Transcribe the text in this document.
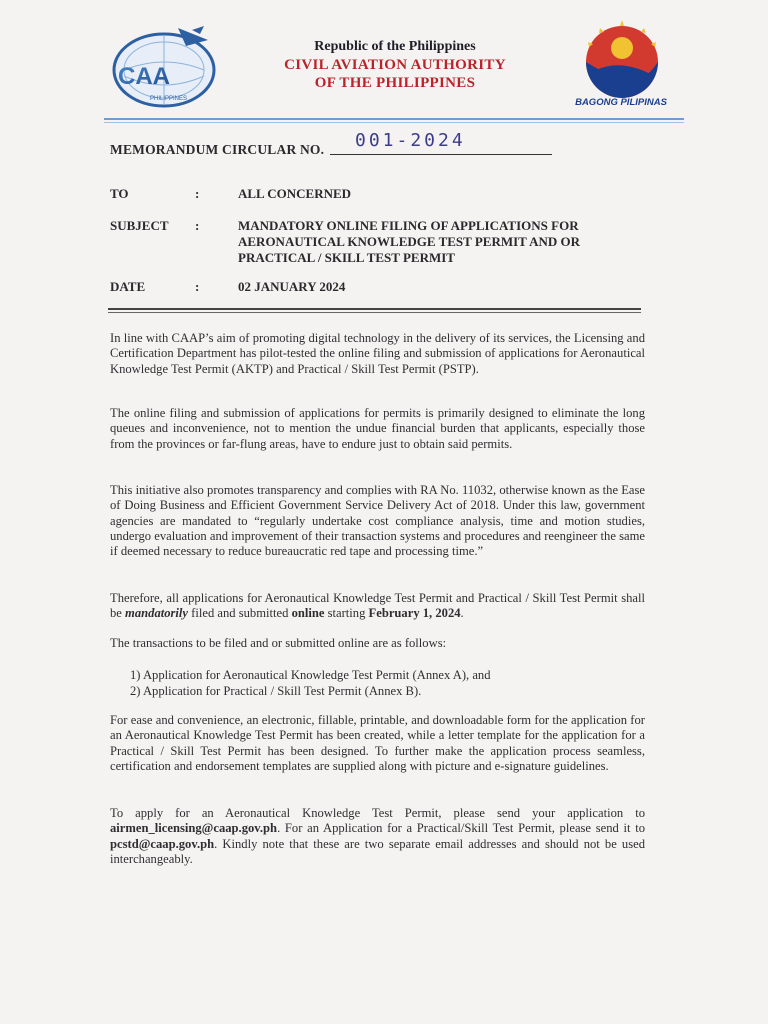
CAA
PHILIPPINES
Republic of the Philippines
CIVIL AVIATION AUTHORITY
OF THE PHILIPPINES
BAGONG PILIPINAS
MEMORANDUM CIRCULAR NO. 001-2024
TO	:	ALL CONCERNED
SUBJECT :	MANDATORY ONLINE FILING OF APPLICATIONS FOR AERONAUTICAL KNOWLEDGE TEST PERMIT AND OR PRACTICAL / SKILL TEST PERMIT
DATE	:	02 JANUARY 2024
In line with CAAP’s aim of promoting digital technology in the delivery of its services, the Licensing and Certification Department has pilot-tested the online filing and submission of applications for Aeronautical Knowledge Test Permit (AKTP) and Practical / Skill Test Permit (PSTP).
The online filing and submission of applications for permits is primarily designed to eliminate the long queues and inconvenience, not to mention the undue financial burden that applicants, especially those from the provinces or far-flung areas, have to endure just to obtain said permits.
This initiative also promotes transparency and complies with RA No. 11032, otherwise known as the Ease of Doing Business and Efficient Government Service Delivery Act of 2018. Under this law, government agencies are mandated to “regularly undertake cost compliance analysis, time and motion studies, undergo evaluation and improvement of their transaction systems and procedures and reengineer the same if deemed necessary to reduce bureaucratic red tape and processing time.”
Therefore, all applications for Aeronautical Knowledge Test Permit and Practical / Skill Test Permit shall be mandatorily filed and submitted online starting February 1, 2024.
The transactions to be filed and or submitted online are as follows:
1) Application for Aeronautical Knowledge Test Permit (Annex A), and
2) Application for Practical / Skill Test Permit (Annex B).
For ease and convenience, an electronic, fillable, printable, and downloadable form for the application for an Aeronautical Knowledge Test Permit has been created, while a letter template for the application for a Practical / Skill Test Permit has been designed. To further make the application process seamless, certification and endorsement templates are supplied along with picture and e-signature guidelines.
To apply for an Aeronautical Knowledge Test Permit, please send your application to airmen_licensing@caap.gov.ph. For an Application for a Practical/Skill Test Permit, please send it to pcstd@caap.gov.ph. Kindly note that these are two separate email addresses and should not be used interchangeably.
